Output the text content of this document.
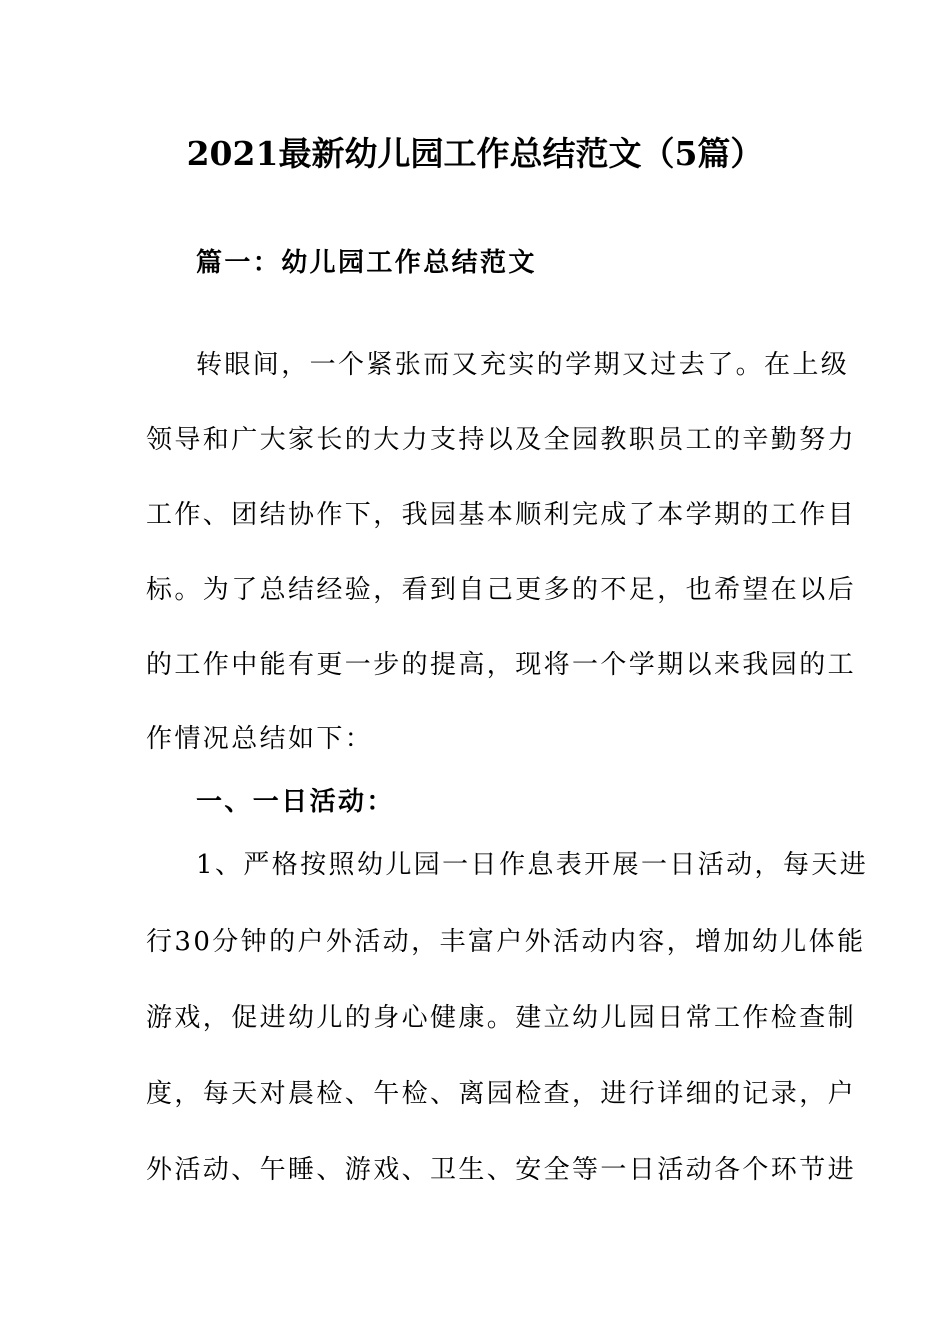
2021最新幼儿园工作总结范文（5篇）
篇一：幼儿园工作总结范文
转眼间，一个紧张而又充实的学期又过去了。在上级
领导和广大家长的大力支持以及全园教职员工的辛勤努力
工作、团结协作下，我园基本顺利完成了本学期的工作目
标。为了总结经验，看到自己更多的不足，也希望在以后
的工作中能有更一步的提高，现将一个学期以来我园的工
作情况总结如下：
一、一日活动：
1、严格按照幼儿园一日作息表开展一日活动，每天进
行30分钟的户外活动，丰富户外活动内容，增加幼儿体能
游戏，促进幼儿的身心健康。建立幼儿园日常工作检查制
度，每天对晨检、午检、离园检查，进行详细的记录，户
外活动、午睡、游戏、卫生、安全等一日活动各个环节进
